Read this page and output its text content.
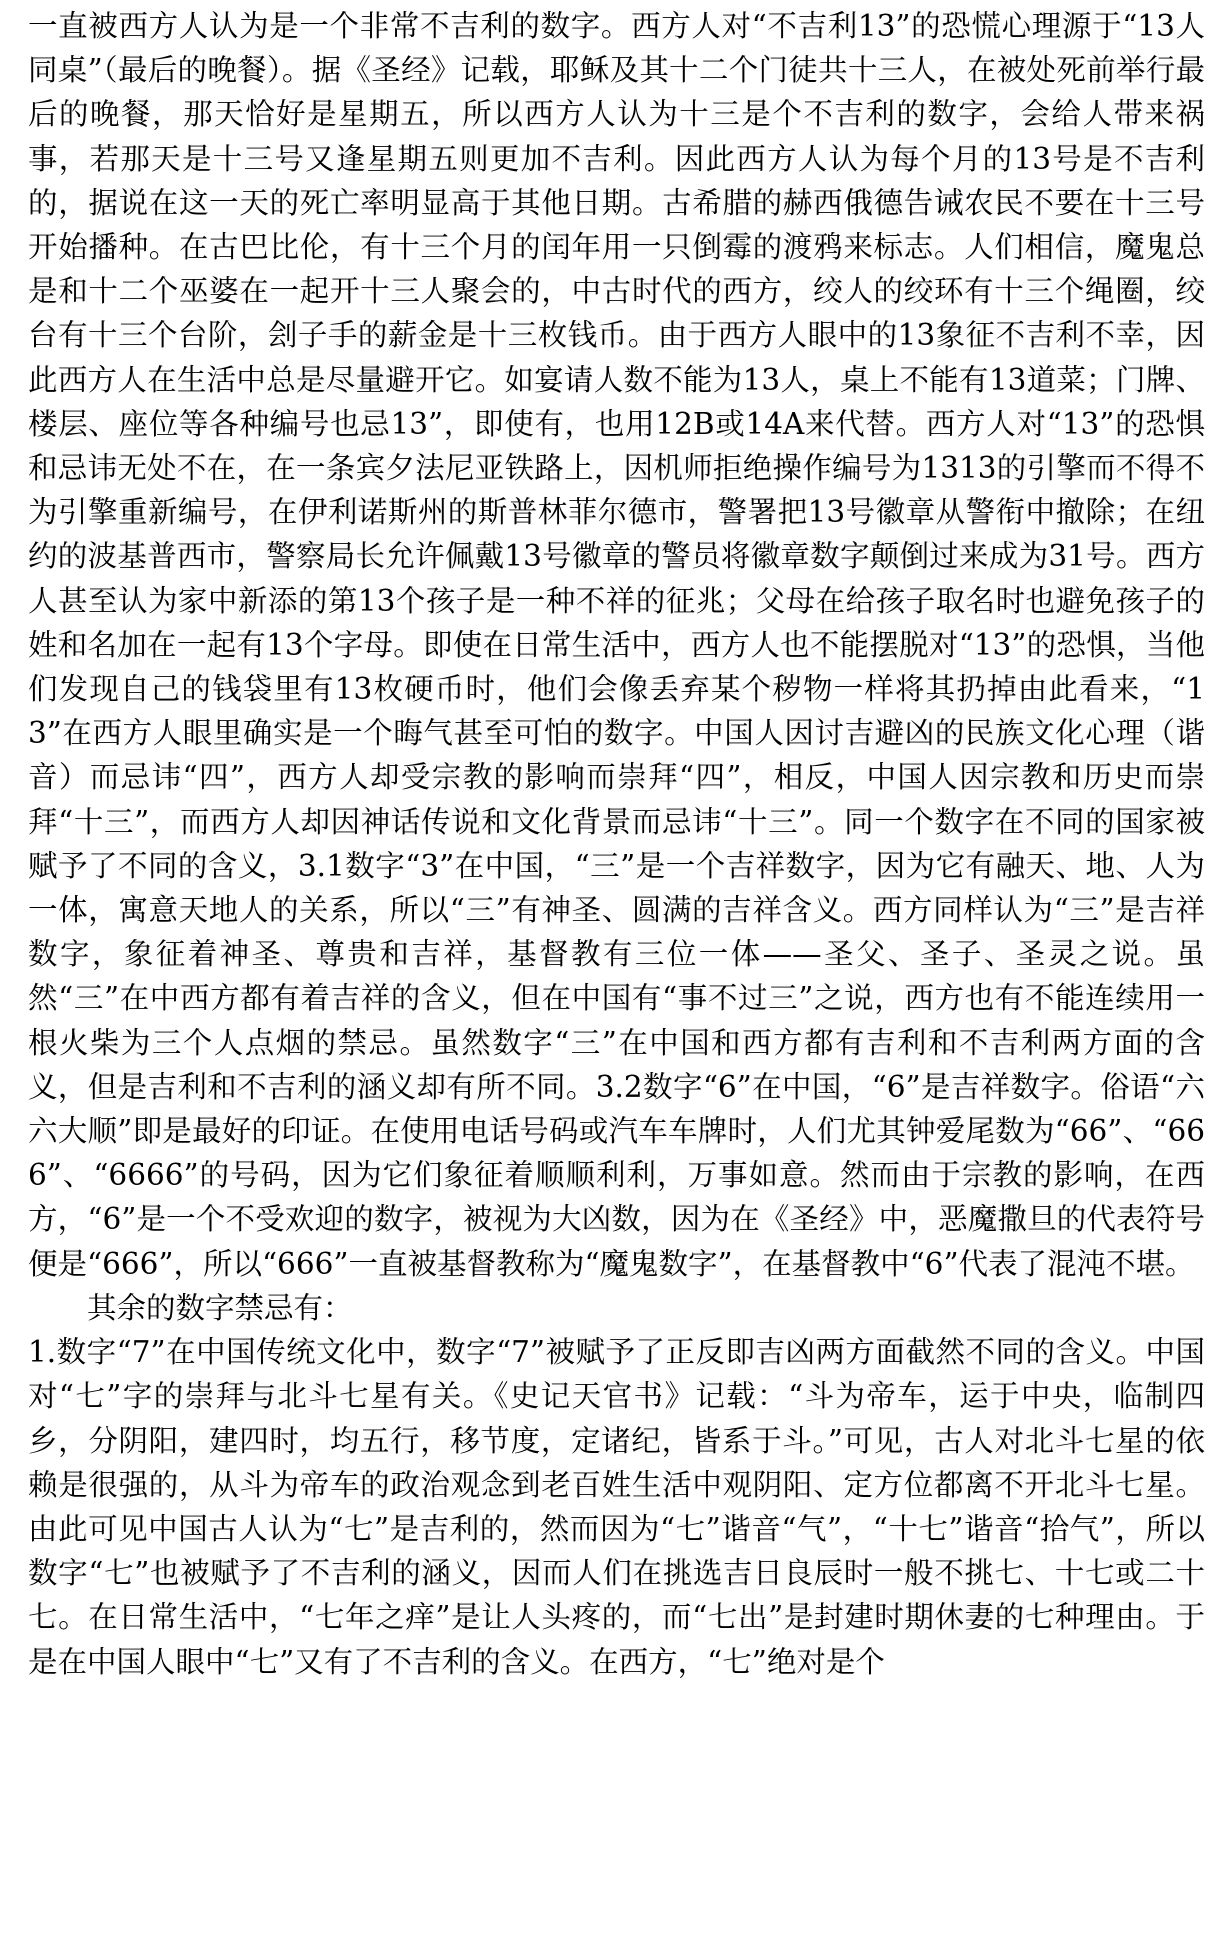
一直被西方人认为是一个非常不吉利的数字。西方人对“不吉利13”的恐慌心理源于“13人同桌”（最后的晚餐）。据《圣经》记载，耶稣及其十二个门徒共十三人，在被处死前举行最后的晚餐，那天恰好是星期五，所以西方人认为十三是个不吉利的数字，会给人带来祸事，若那天是十三号又逢星期五则更加不吉利。因此西方人认为每个月的13号是不吉利的，据说在这一天的死亡率明显高于其他日期。古希腊的赫西俄德告诫农民不要在十三号开始播种。在古巴比伦，有十三个月的闰年用一只倒霉的渡鸦来标志。人们相信，魔鬼总是和十二个巫婆在一起开十三人聚会的，中古时代的西方，绞人的绞环有十三个绳圈，绞台有十三个台阶，刽子手的薪金是十三枚钱币。由于西方人眼中的13象征不吉利不幸，因此西方人在生活中总是尽量避开它。如宴请人数不能为13人，桌上不能有13道菜；门牌、楼层、座位等各种编号也忌13”，即使有，也用12B或14A来代替。西方人对“13”的恐惧和忌讳无处不在，在一条宾夕法尼亚铁路上，因机师拒绝操作编号为1313的引擎而不得不为引擎重新编号，在伊利诺斯州的斯普林菲尔德市，警署把13号徽章从警衔中撤除；在纽约的波基普西市，警察局长允许佩戴13号徽章的警员将徽章数字颠倒过来成为31号。西方人甚至认为家中新添的第13个孩子是一种不祥的征兆；父母在给孩子取名时也避免孩子的姓和名加在一起有13个字母。即使在日常生活中，西方人也不能摆脱对“13”的恐惧，当他们发现自己的钱袋里有13枚硬币时，他们会像丢弃某个秽物一样将其扔掉由此看来，“13”在西方人眼里确实是一个晦气甚至可怕的数字。中国人因讨吉避凶的民族文化心理（谐音）而忌讳“四”，西方人却受宗教的影响而崇拜“四”，相反，中国人因宗教和历史而崇拜“十三”，而西方人却因神话传说和文化背景而忌讳“十三”。同一个数字在不同的国家被赋予了不同的含义，3.1数字“3”在中国，“三”是一个吉祥数字，因为它有融天、地、人为一体，寓意天地人的关系，所以“三”有神圣、圆满的吉祥含义。西方同样认为“三”是吉祥数字，象征着神圣、尊贵和吉祥，基督教有三位一体——圣父、圣子、圣灵之说。虽然“三”在中西方都有着吉祥的含义，但在中国有“事不过三”之说，西方也有不能连续用一根火柴为三个人点烟的禁忌。虽然数字“三”在中国和西方都有吉利和不吉利两方面的含义，但是吉利和不吉利的涵义却有所不同。3.2数字“6”在中国，“6”是吉祥数字。俗语“六六大顺”即是最好的印证。在使用电话号码或汽车车牌时，人们尤其钟爱尾数为“66”、“666”、“6666”的号码，因为它们象征着顺顺利利，万事如意。然而由于宗教的影响，在西方，“6”是一个不受欢迎的数字，被视为大凶数，因为在《圣经》中，恶魔撒旦的代表符号便是“666”，所以“666”一直被基督教称为“魔鬼数字”，在基督教中“6”代表了混沌不堪。

其余的数字禁忌有：

1.数字“7”在中国传统文化中，数字“7”被赋予了正反即吉凶两方面截然不同的含义。中国对“七”字的崇拜与北斗七星有关。《史记天官书》记载：“斗为帝车，运于中央，临制四乡，分阴阳，建四时，均五行，移节度，定诸纪，皆系于斗。”可见，古人对北斗七星的依赖是很强的，从斗为帝车的政治观念到老百姓生活中观阴阳、定方位都离不开北斗七星。由此可见中国古人认为“七”是吉利的，然而因为“七”谐音“气”，“十七”谐音“拾气”，所以数字“七”也被赋予了不吉利的涵义，因而人们在挑选吉日良辰时一般不挑七、十七或二十七。在日常生活中，“七年之痒”是让人头疼的，而“七出”是封建时期休妻的七种理由。于是在中国人眼中“七”又有了不吉利的含义。在西方，“七”绝对是个
